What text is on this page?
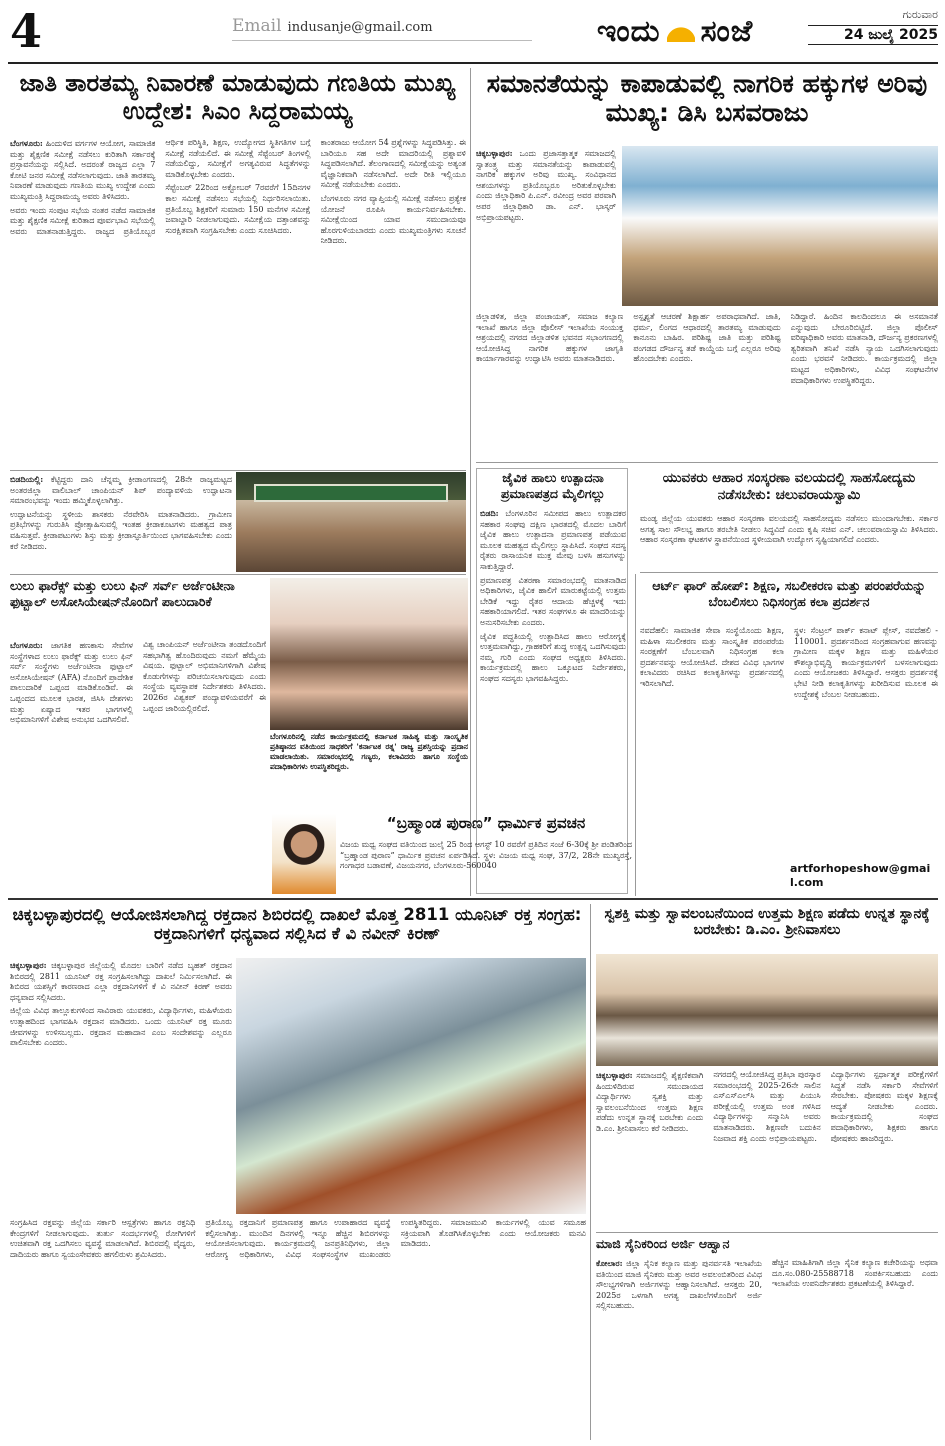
4	Email indusanje@gmail.com	ಇಂದು ಸಂಜೆ	ಗುರುವಾರ
24 ಜುಲೈ 2025
ಜಾತಿ ತಾರತಮ್ಯ ನಿವಾರಣೆ ಮಾಡುವುದು ಗಣತಿಯ ಮುಖ್ಯ ಉದ್ದೇಶ: ಸಿಎಂ ಸಿದ್ದರಾಮಯ್ಯ

ಬೆಂಗಳೂರು: ಹಿಂದುಳಿದ ವರ್ಗಗಳ ಆಯೋಗ, ಸಾಮಾಜಿಕ ಮತ್ತು ಶೈಕ್ಷಣಿಕ ಸಮೀಕ್ಷೆ ನಡೆಸಲು ಕುರಿತಾಗಿ ಸರ್ಕಾರಕ್ಕೆ ಪ್ರಸ್ತಾವನೆಯನ್ನು ಸಲ್ಲಿಸಿದೆ. ಅದರಂತೆ ರಾಜ್ಯದ ಎಲ್ಲಾ 7 ಕೋಟಿ ಜನರ ಸಮೀಕ್ಷೆ ನಡೆಸಲಾಗುವುದು. ಜಾತಿ ತಾರತಮ್ಯ ನಿವಾರಣೆ ಮಾಡುವುದು ಗಣತಿಯ ಮುಖ್ಯ ಉದ್ದೇಶ ಎಂದು ಮುಖ್ಯಮಂತ್ರಿ ಸಿದ್ದರಾಮಯ್ಯ ಅವರು ತಿಳಿಸಿದರು.

ಅವರು ಇಂದು ಸಂಪುಟ ಸಭೆಯ ನಂತರ ನಡೆದ ಸಾಮಾಜಿಕ ಮತ್ತು ಶೈಕ್ಷಣಿಕ ಸಮೀಕ್ಷೆ ಕುರಿತಾದ ಪೂರ್ವಭಾವಿ ಸಭೆಯಲ್ಲಿ ಅವರು ಮಾತನಾಡುತ್ತಿದ್ದರು. ರಾಜ್ಯದ ಪ್ರತಿಯೊಬ್ಬರ ಆರ್ಥಿಕ ಪರಿಸ್ಥಿತಿ, ಶಿಕ್ಷಣ, ಉದ್ಯೋಗದ ಸ್ಥಿತಿಗತಿಗಳ ಬಗ್ಗೆ ಸಮೀಕ್ಷೆ ನಡೆಯಲಿದೆ. ಈ ಸಮೀಕ್ಷೆ ಸೆಪ್ಟೆಂಬರ್ ತಿಂಗಳಲ್ಲಿ ನಡೆಯಲಿದ್ದು, ಸಮೀಕ್ಷೆಗೆ ಅಗತ್ಯವಿರುವ ಸಿದ್ಧತೆಗಳನ್ನು ಮಾಡಿಕೊಳ್ಳಬೇಕು ಎಂದರು.

ಸೆಪ್ಟೆಂಬರ್ 22ರಿಂದ ಅಕ್ಟೋಬರ್ 7ರವರೆಗೆ 15ದಿನಗಳ ಕಾಲ ಸಮೀಕ್ಷೆ ನಡೆಸಲು ಸಭೆಯಲ್ಲಿ ನಿರ್ಧರಿಸಲಾಯಿತು. ಪ್ರತಿಯೊಬ್ಬ ಶಿಕ್ಷಕರಿಗೆ ಸುಮಾರು 150 ಮನೆಗಳ ಸಮೀಕ್ಷೆ ಜವಾಬ್ದಾರಿ ನೀಡಲಾಗುವುದು. ಸಮೀಕ್ಷೆಯ ದತ್ತಾಂಶವನ್ನು ಸುರಕ್ಷಿತವಾಗಿ ಸಂಗ್ರಹಿಸಬೇಕು ಎಂದು ಸೂಚಿಸಿದರು.

ಕಾಂತರಾಜು ಆಯೋಗ 54 ಪ್ರಶ್ನೆಗಳನ್ನು ಸಿದ್ಧಪಡಿಸಿತ್ತು. ಈ ಬಾರಿಯೂ ಸಹ ಅದೇ ಮಾದರಿಯಲ್ಲಿ ಪ್ರಶ್ನಾವಳಿ ಸಿದ್ಧಪಡಿಸಲಾಗಿದೆ. ತೆಲಂಗಾಣದಲ್ಲಿ ಸಮೀಕ್ಷೆಯನ್ನು ಅತ್ಯಂತ ವೈಜ್ಞಾನಿಕವಾಗಿ ನಡೆಸಲಾಗಿದೆ. ಅದೇ ರೀತಿ ಇಲ್ಲಿಯೂ ಸಮೀಕ್ಷೆ ನಡೆಯಬೇಕು ಎಂದರು.

ಬೆಂಗಳೂರು ನಗರ ವ್ಯಾಪ್ತಿಯಲ್ಲಿ ಸಮೀಕ್ಷೆ ನಡೆಸಲು ಪ್ರತ್ಯೇಕ ಯೋಜನೆ ರೂಪಿಸಿ ಕಾರ್ಯನಿರ್ವಹಿಸಬೇಕು. ಸಮೀಕ್ಷೆಯಿಂದ ಯಾವ ಸಮುದಾಯವೂ ಹೊರಗುಳಿಯಬಾರದು ಎಂದು ಮುಖ್ಯಮಂತ್ರಿಗಳು ಸೂಚನೆ ನೀಡಿದರು.

ಸಮಾನತೆಯನ್ನು ಕಾಪಾಡುವಲ್ಲಿ ನಾಗರಿಕ ಹಕ್ಕುಗಳ ಅರಿವು ಮುಖ್ಯ: ಡಿಸಿ ಬಸವರಾಜು

ಚಿಕ್ಕಬಳ್ಳಾಪುರ: ಒಂದು ಪ್ರಜಾಸತ್ತಾತ್ಮಕ ಸಮಾಜದಲ್ಲಿ ಸ್ವಾತಂತ್ರ್ಯ ಮತ್ತು ಸಮಾನತೆಯನ್ನು ಕಾಪಾಡುವಲ್ಲಿ ನಾಗರಿಕ ಹಕ್ಕುಗಳ ಅರಿವು ಮುಖ್ಯ. ಸಂವಿಧಾನದ ಆಶಯಗಳನ್ನು ಪ್ರತಿಯೊಬ್ಬರೂ ಅರಿತುಕೊಳ್ಳಬೇಕು ಎಂದು ಜಿಲ್ಲಾಧಿಕಾರಿ ಪಿ.ಎನ್. ರವೀಂದ್ರ ಅವರ ಪರವಾಗಿ ಅಪರ ಜಿಲ್ಲಾಧಿಕಾರಿ ಡಾ. ಎನ್. ಭಾಸ್ಕರ್ ಅಭಿಪ್ರಾಯಪಟ್ಟರು.

ಜಿಲ್ಲಾಡಳಿತ, ಜಿಲ್ಲಾ ಪಂಚಾಯತ್, ಸಮಾಜ ಕಲ್ಯಾಣ ಇಲಾಖೆ ಹಾಗೂ ಜಿಲ್ಲಾ ಪೊಲೀಸ್ ಇಲಾಖೆಯ ಸಂಯುಕ್ತ ಆಶ್ರಯದಲ್ಲಿ ನಗರದ ಜಿಲ್ಲಾಡಳಿತ ಭವನದ ಸಭಾಂಗಣದಲ್ಲಿ ಆಯೋಜಿಸಿದ್ದ ನಾಗರಿಕ ಹಕ್ಕುಗಳ ಜಾಗೃತಿ ಕಾರ್ಯಾಗಾರವನ್ನು ಉದ್ಘಾಟಿಸಿ ಅವರು ಮಾತನಾಡಿದರು.

ಅಸ್ಪೃಶ್ಯತೆ ಆಚರಣೆ ಶಿಕ್ಷಾರ್ಹ ಅಪರಾಧವಾಗಿದೆ. ಜಾತಿ, ಧರ್ಮ, ಲಿಂಗದ ಆಧಾರದಲ್ಲಿ ತಾರತಮ್ಯ ಮಾಡುವುದು ಕಾನೂನು ಬಾಹಿರ. ಪರಿಶಿಷ್ಟ ಜಾತಿ ಮತ್ತು ಪರಿಶಿಷ್ಟ ಪಂಗಡದ ದೌರ್ಜನ್ಯ ತಡೆ ಕಾಯ್ದೆಯ ಬಗ್ಗೆ ಎಲ್ಲರೂ ಅರಿವು ಹೊಂದಬೇಕು ಎಂದರು.

ನಿಡಿದ್ದಾರೆ. ಹಿಂದಿನ ಕಾಲದಿಂದಲೂ ಈ ಅಸಮಾನತೆ ಎನ್ನುವುದು ಬೇರೂರಿಬಿಟ್ಟಿದೆ. ಜಿಲ್ಲಾ ಪೊಲೀಸ್ ವರಿಷ್ಠಾಧಿಕಾರಿ ಅವರು ಮಾತನಾಡಿ, ದೌರ್ಜನ್ಯ ಪ್ರಕರಣಗಳಲ್ಲಿ ತ್ವರಿತವಾಗಿ ತನಿಖೆ ನಡೆಸಿ ನ್ಯಾಯ ಒದಗಿಸಲಾಗುವುದು ಎಂದು ಭರವಸೆ ನೀಡಿದರು. ಕಾರ್ಯಕ್ರಮದಲ್ಲಿ ಜಿಲ್ಲಾ ಮಟ್ಟದ ಅಧಿಕಾರಿಗಳು, ವಿವಿಧ ಸಂಘಟನೆಗಳ ಪದಾಧಿಕಾರಿಗಳು ಉಪಸ್ಥಿತರಿದ್ದರು.

ಬಿಡದಿಯಲ್ಲಿ: ಕೆಟ್ಟಿದ್ದರು ದಾನಿ ಚೆನ್ನಮ್ಮ ಕ್ರೀಡಾಂಗಣದಲ್ಲಿ 28ನೇ ರಾಜ್ಯಮಟ್ಟದ ಅಂತರಜಿಲ್ಲಾ ವಾಲಿಬಾಲ್ ಚಾಂಪಿಯನ್ ಶಿಪ್ ಪಂದ್ಯಾವಳಿಯ ಉದ್ಘಾಟನಾ ಸಮಾರಂಭವನ್ನು ಇಂದು ಹಮ್ಮಿಕೊಳ್ಳಲಾಗಿತ್ತು.

ಉದ್ಘಾಟನೆಯನ್ನು ಸ್ಥಳೀಯ ಶಾಸಕರು ನೆರವೇರಿಸಿ ಮಾತನಾಡಿದರು. ಗ್ರಾಮೀಣ ಪ್ರತಿಭೆಗಳನ್ನು ಗುರುತಿಸಿ ಪ್ರೋತ್ಸಾಹಿಸುವಲ್ಲಿ ಇಂತಹ ಕ್ರೀಡಾಕೂಟಗಳು ಮಹತ್ವದ ಪಾತ್ರ ವಹಿಸುತ್ತವೆ. ಕ್ರೀಡಾಪಟುಗಳು ಶಿಸ್ತು ಮತ್ತು ಕ್ರೀಡಾಸ್ಫೂರ್ತಿಯಿಂದ ಭಾಗವಹಿಸಬೇಕು ಎಂದು ಕರೆ ನೀಡಿದರು.

ಜೈವಿಕ ಹಾಲು ಉತ್ಪಾದನಾ ಪ್ರಮಾಣಪತ್ರದ ಮೈಲಿಗಲ್ಲು

ಬಿಡದಿ: ಬೆಂಗಳೂರಿನ ಸಮೀಪದ ಹಾಲು ಉತ್ಪಾದಕರ ಸಹಕಾರ ಸಂಘವು ದಕ್ಷಿಣ ಭಾರತದಲ್ಲಿ ಮೊದಲ ಬಾರಿಗೆ ಜೈವಿಕ ಹಾಲು ಉತ್ಪಾದನಾ ಪ್ರಮಾಣಪತ್ರ ಪಡೆಯುವ ಮೂಲಕ ಮಹತ್ವದ ಮೈಲಿಗಲ್ಲು ಸ್ಥಾಪಿಸಿದೆ. ಸಂಘದ ಸದಸ್ಯ ರೈತರು ರಾಸಾಯನಿಕ ಮುಕ್ತ ಮೇವು ಬಳಸಿ ಹಸುಗಳನ್ನು ಸಾಕುತ್ತಿದ್ದಾರೆ.

ಪ್ರಮಾಣಪತ್ರ ವಿತರಣಾ ಸಮಾರಂಭದಲ್ಲಿ ಮಾತನಾಡಿದ ಅಧಿಕಾರಿಗಳು, ಜೈವಿಕ ಹಾಲಿಗೆ ಮಾರುಕಟ್ಟೆಯಲ್ಲಿ ಉತ್ತಮ ಬೇಡಿಕೆ ಇದ್ದು ರೈತರ ಆದಾಯ ಹೆಚ್ಚಳಕ್ಕೆ ಇದು ಸಹಕಾರಿಯಾಗಲಿದೆ. ಇತರ ಸಂಘಗಳೂ ಈ ಮಾದರಿಯನ್ನು ಅನುಸರಿಸಬೇಕು ಎಂದರು.

ಜೈವಿಕ ಪದ್ಧತಿಯಲ್ಲಿ ಉತ್ಪಾದಿಸಿದ ಹಾಲು ಆರೋಗ್ಯಕ್ಕೆ ಉತ್ತಮವಾಗಿದ್ದು, ಗ್ರಾಹಕರಿಗೆ ಶುದ್ಧ ಉತ್ಪನ್ನ ಒದಗಿಸುವುದು ನಮ್ಮ ಗುರಿ ಎಂದು ಸಂಘದ ಅಧ್ಯಕ್ಷರು ತಿಳಿಸಿದರು. ಕಾರ್ಯಕ್ರಮದಲ್ಲಿ ಹಾಲು ಒಕ್ಕೂಟದ ನಿರ್ದೇಶಕರು, ಸಂಘದ ಸದಸ್ಯರು ಭಾಗವಹಿಸಿದ್ದರು.

ಯುವಕರು ಆಹಾರ ಸಂಸ್ಕರಣಾ ವಲಯದಲ್ಲಿ ಸಾಹಸೋದ್ಯಮ ನಡೆಸಬೇಕು: ಚಲುವರಾಯಸ್ವಾಮಿ

ಮಂಡ್ಯ ಜಿಲ್ಲೆಯ ಯುವಕರು ಆಹಾರ ಸಂಸ್ಕರಣಾ ವಲಯದಲ್ಲಿ ಸಾಹಸೋದ್ಯಮ ನಡೆಸಲು ಮುಂದಾಗಬೇಕು. ಸರ್ಕಾರ ಅಗತ್ಯ ಸಾಲ ಸೌಲಭ್ಯ ಹಾಗೂ ತರಬೇತಿ ನೀಡಲು ಸಿದ್ಧವಿದೆ ಎಂದು ಕೃಷಿ ಸಚಿವ ಎನ್. ಚಲುವರಾಯಸ್ವಾಮಿ ತಿಳಿಸಿದರು. ಆಹಾರ ಸಂಸ್ಕರಣಾ ಘಟಕಗಳ ಸ್ಥಾಪನೆಯಿಂದ ಸ್ಥಳೀಯವಾಗಿ ಉದ್ಯೋಗ ಸೃಷ್ಟಿಯಾಗಲಿದೆ ಎಂದರು.

ಆರ್ಟ್ ಫಾರ್ ಹೋಪ್: ಶಿಕ್ಷಣ, ಸಬಲೀಕರಣ ಮತ್ತು ಪರಂಪರೆಯನ್ನು ಬೆಂಬಲಿಸಲು ನಿಧಿಸಂಗ್ರಹ ಕಲಾ ಪ್ರದರ್ಶನ

ನವದೆಹಲಿ: ಸಾಮಾಜಿಕ ಸೇವಾ ಸಂಸ್ಥೆಯೊಂದು ಶಿಕ್ಷಣ, ಮಹಿಳಾ ಸಬಲೀಕರಣ ಮತ್ತು ಸಾಂಸ್ಕೃತಿಕ ಪರಂಪರೆಯ ಸಂರಕ್ಷಣೆಗೆ ಬೆಂಬಲವಾಗಿ ನಿಧಿಸಂಗ್ರಹ ಕಲಾ ಪ್ರದರ್ಶನವನ್ನು ಆಯೋಜಿಸಿದೆ. ದೇಶದ ವಿವಿಧ ಭಾಗಗಳ ಕಲಾವಿದರು ರಚಿಸಿದ ಕಲಾಕೃತಿಗಳನ್ನು ಪ್ರದರ್ಶನದಲ್ಲಿ ಇರಿಸಲಾಗಿದೆ.

ಸ್ಥಳ: ಸೆಂಟ್ರಲ್ ಪಾರ್ಕ್ ಕನಾಟ್ ಪ್ಲೇಸ್, ನವದೆಹಲಿ - 110001. ಪ್ರದರ್ಶನದಿಂದ ಸಂಗ್ರಹವಾಗುವ ಹಣವನ್ನು ಗ್ರಾಮೀಣ ಮಕ್ಕಳ ಶಿಕ್ಷಣ ಮತ್ತು ಮಹಿಳೆಯರ ಕೌಶಲ್ಯಾಭಿವೃದ್ಧಿ ಕಾರ್ಯಕ್ರಮಗಳಿಗೆ ಬಳಸಲಾಗುವುದು ಎಂದು ಆಯೋಜಕರು ತಿಳಿಸಿದ್ದಾರೆ. ಆಸಕ್ತರು ಪ್ರದರ್ಶನಕ್ಕೆ ಭೇಟಿ ನೀಡಿ ಕಲಾಕೃತಿಗಳನ್ನು ಖರೀದಿಸುವ ಮೂಲಕ ಈ ಉದ್ದೇಶಕ್ಕೆ ಬೆಂಬಲ ನೀಡಬಹುದು.

artforhopeshow@gmail.com
ಲುಲು ಫಾರೆಕ್ಸ್ ಮತ್ತು ಲುಲು ಫಿನ್ ಸರ್ವ್ ಅರ್ಜೆಂಟೀನಾ ಫುಟ್ಬಾಲ್ ಅಸೋಸಿಯೇಷನ್‌ನೊಂದಿಗೆ ಪಾಲುದಾರಿಕೆ

ಬೆಂಗಳೂರು: ಜಾಗತಿಕ ಹಣಕಾಸು ಸೇವೆಗಳ ಸಂಸ್ಥೆಗಳಾದ ಲುಲು ಫಾರೆಕ್ಸ್ ಮತ್ತು ಲುಲು ಫಿನ್ ಸರ್ವ್ ಸಂಸ್ಥೆಗಳು ಅರ್ಜೆಂಟೀನಾ ಫುಟ್ಬಾಲ್ ಅಸೋಸಿಯೇಷನ್ (AFA) ನೊಂದಿಗೆ ಪ್ರಾದೇಶಿಕ ಪಾಲುದಾರಿಕೆ ಒಪ್ಪಂದ ಮಾಡಿಕೊಂಡಿವೆ. ಈ ಒಪ್ಪಂದದ ಮೂಲಕ ಭಾರತ, ಜಿಸಿಸಿ ದೇಶಗಳು ಮತ್ತು ಏಷ್ಯಾದ ಇತರ ಭಾಗಗಳಲ್ಲಿ ಅಭಿಮಾನಿಗಳಿಗೆ ವಿಶೇಷ ಅನುಭವ ಒದಗಿಸಲಿವೆ.

ವಿಶ್ವ ಚಾಂಪಿಯನ್ ಅರ್ಜೆಂಟೀನಾ ತಂಡದೊಂದಿಗೆ ಸಹಭಾಗಿತ್ವ ಹೊಂದಿರುವುದು ನಮಗೆ ಹೆಮ್ಮೆಯ ವಿಷಯ. ಫುಟ್ಬಾಲ್ ಅಭಿಮಾನಿಗಳಿಗಾಗಿ ವಿಶೇಷ ಕೊಡುಗೆಗಳನ್ನು ಪರಿಚಯಿಸಲಾಗುವುದು ಎಂದು ಸಂಸ್ಥೆಯ ವ್ಯವಸ್ಥಾಪಕ ನಿರ್ದೇಶಕರು ತಿಳಿಸಿದರು. 2026ರ ವಿಶ್ವಕಪ್ ಪಂದ್ಯಾವಳಿಯವರೆಗೆ ಈ ಒಪ್ಪಂದ ಜಾರಿಯಲ್ಲಿರಲಿದೆ.

ಬೆಂಗಳೂರಿನಲ್ಲಿ ನಡೆದ ಕಾರ್ಯಕ್ರಮದಲ್ಲಿ ಕರ್ನಾಟಕ ಸಾಹಿತ್ಯ ಮತ್ತು ಸಾಂಸ್ಕೃತಿಕ ಪ್ರತಿಷ್ಠಾನದ ವತಿಯಿಂದ ಸಾಧಕರಿಗೆ 'ಕರ್ನಾಟಕ ರತ್ನ' ರಾಜ್ಯ ಪ್ರಶಸ್ತಿಯನ್ನು ಪ್ರದಾನ ಮಾಡಲಾಯಿತು. ಸಮಾರಂಭದಲ್ಲಿ ಗಣ್ಯರು, ಕಲಾವಿದರು ಹಾಗೂ ಸಂಸ್ಥೆಯ ಪದಾಧಿಕಾರಿಗಳು ಉಪಸ್ಥಿತರಿದ್ದರು.
“ಬ್ರಹ್ಮಾಂಡ ಪುರಾಣ” ಧಾರ್ಮಿಕ ಪ್ರವಚನ

ವಿಜಯ ಮಧ್ವ ಸಂಘದ ವತಿಯಿಂದ ಜುಲೈ 25 ರಿಂದ ಆಗಸ್ಟ್ 10 ರವರೆಗೆ ಪ್ರತಿದಿನ ಸಂಜೆ 6-30ಕ್ಕೆ ಶ್ರೀ ಪಂಡಿತರಿಂದ “ಬ್ರಹ್ಮಾಂಡ ಪುರಾಣ” ಧಾರ್ಮಿಕ ಪ್ರವಚನ ಏರ್ಪಡಿಸಿದೆ. ಸ್ಥಳ: ವಿಜಯ ಮಧ್ವ ಸಂಘ, 37/2, 28ನೇ ಮುಖ್ಯರಸ್ತೆ, ಗಂಗಾಧರ ಬಡಾವಣೆ, ವಿಜಯನಗರ, ಬೆಂಗಳೂರು-560040

ಚಿಕ್ಕಬಳ್ಳಾಪುರದಲ್ಲಿ ಆಯೋಜಿಸಲಾಗಿದ್ದ ರಕ್ತದಾನ ಶಿಬಿರದಲ್ಲಿ ದಾಖಲೆ ಮೊತ್ತ 2811 ಯೂನಿಟ್ ರಕ್ತ ಸಂಗ್ರಹ: ರಕ್ತದಾನಿಗಳಿಗೆ ಧನ್ಯವಾದ ಸಲ್ಲಿಸಿದ ಕೆ ವಿ ನವೀನ್ ಕಿರಣ್

ಚಿಕ್ಕಬಳ್ಳಾಪುರ: ಚಿಕ್ಕಬಳ್ಳಾಪುರ ಜಿಲ್ಲೆಯಲ್ಲಿ ಮೊದಲ ಬಾರಿಗೆ ನಡೆದ ಬೃಹತ್ ರಕ್ತದಾನ ಶಿಬಿರದಲ್ಲಿ 2811 ಯೂನಿಟ್ ರಕ್ತ ಸಂಗ್ರಹಿಸಲಾಗಿದ್ದು ದಾಖಲೆ ನಿರ್ಮಿಸಲಾಗಿದೆ. ಈ ಶಿಬಿರದ ಯಶಸ್ಸಿಗೆ ಕಾರಣರಾದ ಎಲ್ಲಾ ರಕ್ತದಾನಿಗಳಿಗೆ ಕೆ ವಿ ನವೀನ್ ಕಿರಣ್ ಅವರು ಧನ್ಯವಾದ ಸಲ್ಲಿಸಿದರು.

ಜಿಲ್ಲೆಯ ವಿವಿಧ ತಾಲ್ಲೂಕುಗಳಿಂದ ಸಾವಿರಾರು ಯುವಕರು, ವಿದ್ಯಾರ್ಥಿಗಳು, ಮಹಿಳೆಯರು ಉತ್ಸಾಹದಿಂದ ಭಾಗವಹಿಸಿ ರಕ್ತದಾನ ಮಾಡಿದರು. ಒಂದು ಯೂನಿಟ್ ರಕ್ತ ಮೂರು ಜೀವಗಳನ್ನು ಉಳಿಸಬಲ್ಲದು. ರಕ್ತದಾನ ಮಹಾದಾನ ಎಂಬ ಸಂದೇಶವನ್ನು ಎಲ್ಲರೂ ಪಾಲಿಸಬೇಕು ಎಂದರು.

ಸಂಗ್ರಹಿಸಿದ ರಕ್ತವನ್ನು ಜಿಲ್ಲೆಯ ಸರ್ಕಾರಿ ಆಸ್ಪತ್ರೆಗಳು ಹಾಗೂ ರಕ್ತನಿಧಿ ಕೇಂದ್ರಗಳಿಗೆ ನೀಡಲಾಗುವುದು. ತುರ್ತು ಸಂದರ್ಭಗಳಲ್ಲಿ ರೋಗಿಗಳಿಗೆ ಉಚಿತವಾಗಿ ರಕ್ತ ಒದಗಿಸಲು ವ್ಯವಸ್ಥೆ ಮಾಡಲಾಗಿದೆ. ಶಿಬಿರದಲ್ಲಿ ವೈದ್ಯರು, ದಾದಿಯರು ಹಾಗೂ ಸ್ವಯಂಸೇವಕರು ಹಗಲಿರುಳು ಶ್ರಮಿಸಿದರು.

ಪ್ರತಿಯೊಬ್ಬ ರಕ್ತದಾನಿಗೆ ಪ್ರಮಾಣಪತ್ರ ಹಾಗೂ ಉಪಾಹಾರದ ವ್ಯವಸ್ಥೆ ಕಲ್ಪಿಸಲಾಗಿತ್ತು. ಮುಂದಿನ ದಿನಗಳಲ್ಲಿ ಇನ್ನೂ ಹೆಚ್ಚಿನ ಶಿಬಿರಗಳನ್ನು ಆಯೋಜಿಸಲಾಗುವುದು. ಕಾರ್ಯಕ್ರಮದಲ್ಲಿ ಜನಪ್ರತಿನಿಧಿಗಳು, ಜಿಲ್ಲಾ ಆರೋಗ್ಯ ಅಧಿಕಾರಿಗಳು, ವಿವಿಧ ಸಂಘಸಂಸ್ಥೆಗಳ ಮುಖಂಡರು ಉಪಸ್ಥಿತರಿದ್ದರು. ಸಮಾಜಮುಖಿ ಕಾರ್ಯಗಳಲ್ಲಿ ಯುವ ಸಮೂಹ ಸಕ್ರಿಯವಾಗಿ ತೊಡಗಿಸಿಕೊಳ್ಳಬೇಕು ಎಂದು ಆಯೋಜಕರು ಮನವಿ ಮಾಡಿದರು.

ಸ್ವಶಕ್ತಿ ಮತ್ತು ಸ್ವಾವಲಂಬನೆಯಿಂದ ಉತ್ತಮ ಶಿಕ್ಷಣ ಪಡೆದು ಉನ್ನತ ಸ್ಥಾನಕ್ಕೆ ಬರಬೇಕು: ಡಿ.ಎಂ. ಶ್ರೀನಿವಾಸಲು

ಚಿಕ್ಕಬಳ್ಳಾಪುರ: ಸಮಾಜದಲ್ಲಿ ಶೈಕ್ಷಣಿಕವಾಗಿ ಹಿಂದುಳಿದಿರುವ ಸಮುದಾಯದ ವಿದ್ಯಾರ್ಥಿಗಳು ಸ್ವಶಕ್ತಿ ಮತ್ತು ಸ್ವಾವಲಂಬನೆಯಿಂದ ಉತ್ತಮ ಶಿಕ್ಷಣ ಪಡೆದು ಉನ್ನತ ಸ್ಥಾನಕ್ಕೆ ಬರಬೇಕು ಎಂದು ಡಿ.ಎಂ. ಶ್ರೀನಿವಾಸಲು ಕರೆ ನೀಡಿದರು.

ನಗರದಲ್ಲಿ ಆಯೋಜಿಸಿದ್ದ ಪ್ರತಿಭಾ ಪುರಸ್ಕಾರ ಸಮಾರಂಭದಲ್ಲಿ 2025-26ನೇ ಸಾಲಿನ ಎಸ್ಎಸ್ಎಲ್‌ಸಿ ಮತ್ತು ಪಿಯುಸಿ ಪರೀಕ್ಷೆಯಲ್ಲಿ ಉತ್ತಮ ಅಂಕ ಗಳಿಸಿದ ವಿದ್ಯಾರ್ಥಿಗಳನ್ನು ಸನ್ಮಾನಿಸಿ ಅವರು ಮಾತನಾಡಿದರು. ಶಿಕ್ಷಣವೇ ಬದುಕಿನ ನಿಜವಾದ ಶಕ್ತಿ ಎಂದು ಅಭಿಪ್ರಾಯಪಟ್ಟರು.

ವಿದ್ಯಾರ್ಥಿಗಳು ಸ್ಪರ್ಧಾತ್ಮಕ ಪರೀಕ್ಷೆಗಳಿಗೆ ಸಿದ್ಧತೆ ನಡೆಸಿ ಸರ್ಕಾರಿ ಸೇವೆಗಳಿಗೆ ಸೇರಬೇಕು. ಪೋಷಕರು ಮಕ್ಕಳ ಶಿಕ್ಷಣಕ್ಕೆ ಆದ್ಯತೆ ನೀಡಬೇಕು ಎಂದರು. ಕಾರ್ಯಕ್ರಮದಲ್ಲಿ ಸಂಘದ ಪದಾಧಿಕಾರಿಗಳು, ಶಿಕ್ಷಕರು ಹಾಗೂ ಪೋಷಕರು ಹಾಜರಿದ್ದರು.

ಮಾಜಿ ಸೈನಿಕರಿಂದ ಅರ್ಜಿ ಆಹ್ವಾನ

ಕೋಲಾರ: ಜಿಲ್ಲಾ ಸೈನಿಕ ಕಲ್ಯಾಣ ಮತ್ತು ಪುನರ್ವಸತಿ ಇಲಾಖೆಯ ವತಿಯಿಂದ ಮಾಜಿ ಸೈನಿಕರು ಮತ್ತು ಅವರ ಅವಲಂಬಿತರಿಂದ ವಿವಿಧ ಸೌಲಭ್ಯಗಳಿಗಾಗಿ ಅರ್ಜಿಗಳನ್ನು ಆಹ್ವಾನಿಸಲಾಗಿದೆ. ಆಸಕ್ತರು 20, 2025ರ ಒಳಗಾಗಿ ಅಗತ್ಯ ದಾಖಲೆಗಳೊಂದಿಗೆ ಅರ್ಜಿ ಸಲ್ಲಿಸಬಹುದು.

ಹೆಚ್ಚಿನ ಮಾಹಿತಿಗಾಗಿ ಜಿಲ್ಲಾ ಸೈನಿಕ ಕಲ್ಯಾಣ ಕಚೇರಿಯನ್ನು ಅಥವಾ ದೂ.ಸಂ.080-25588718 ಸಂಪರ್ಕಿಸಬಹುದು ಎಂದು ಇಲಾಖೆಯ ಉಪನಿರ್ದೇಶಕರು ಪ್ರಕಟಣೆಯಲ್ಲಿ ತಿಳಿಸಿದ್ದಾರೆ.
